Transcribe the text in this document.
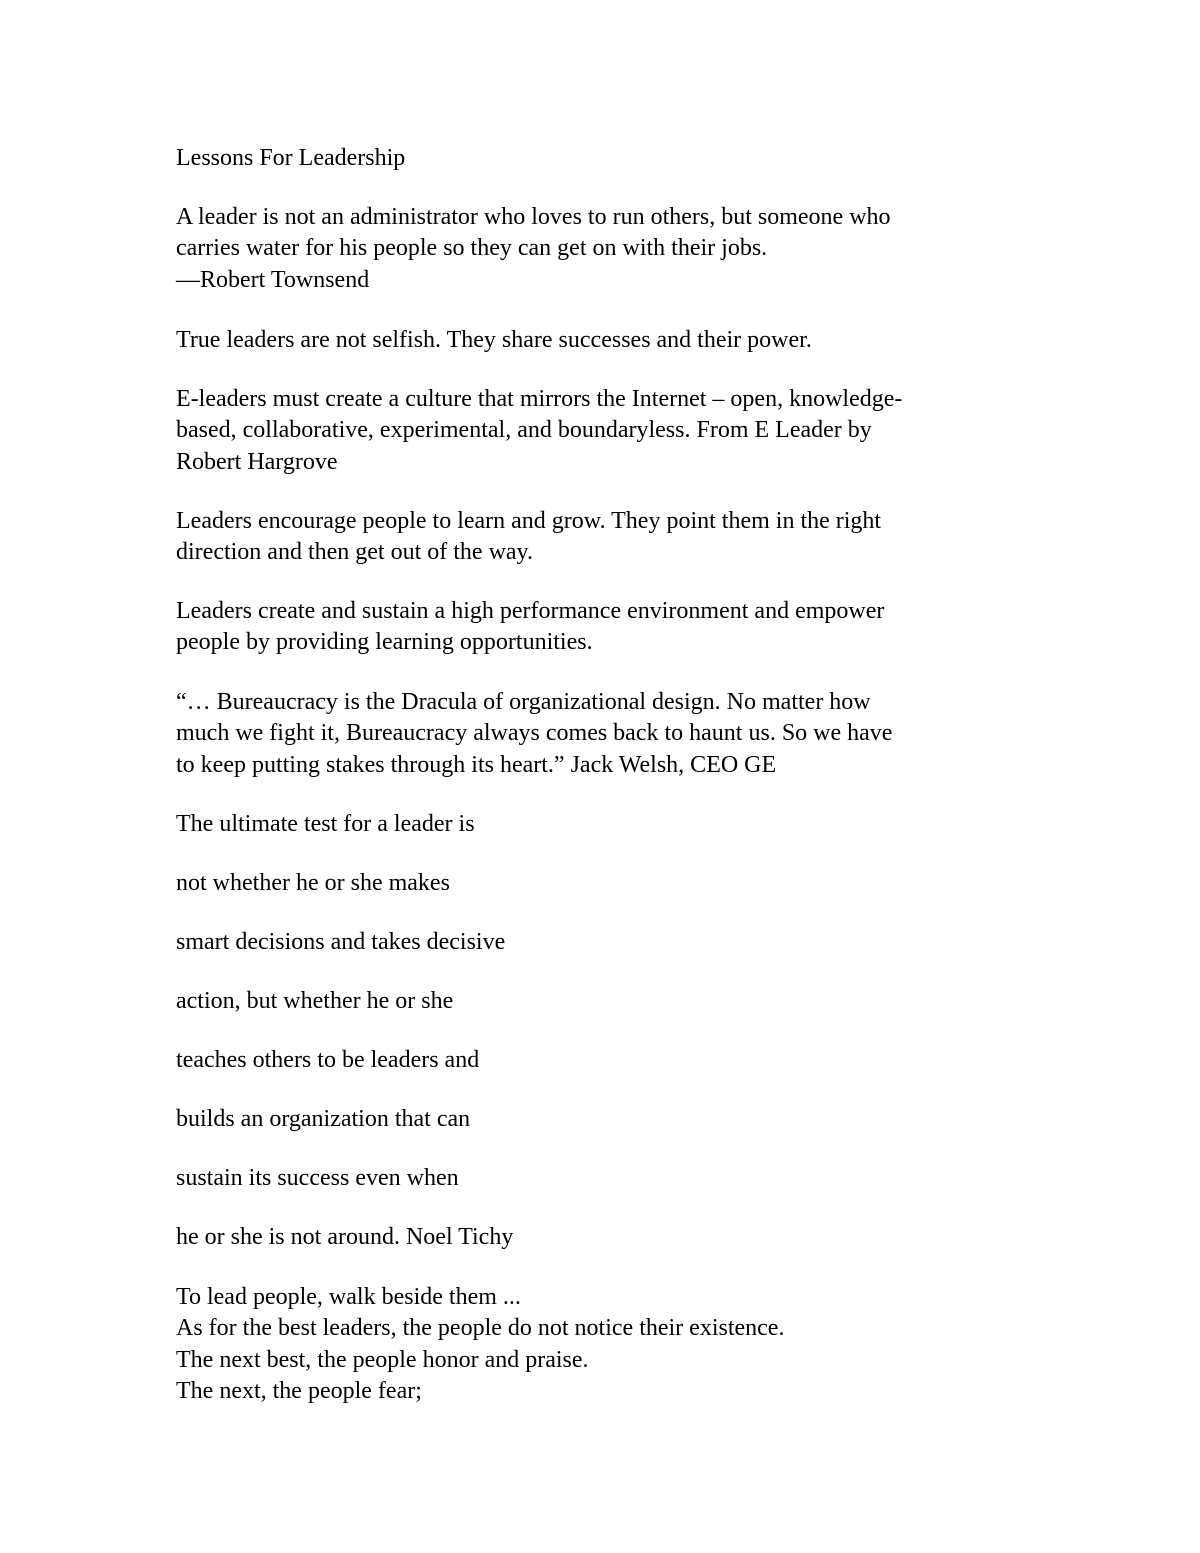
Lessons For Leadership

A leader is not an administrator who loves to run others, but someone who

carries water for his people so they can get on with their jobs.

—Robert Townsend

True leaders are not selfish. They share successes and their power.

E-leaders must create a culture that mirrors the Internet – open, knowledge-

based, collaborative, experimental, and boundaryless. From E Leader by

Robert Hargrove

Leaders encourage people to learn and grow. They point them in the right

direction and then get out of the way.

Leaders create and sustain a high performance environment and empower

people by providing learning opportunities.

“… Bureaucracy is the Dracula of organizational design. No matter how

much we fight it, Bureaucracy always comes back to haunt us. So we have

to keep putting stakes through its heart.” Jack Welsh, CEO GE

The ultimate test for a leader is

not whether he or she makes

smart decisions and takes decisive

action, but whether he or she

teaches others to be leaders and

builds an organization that can

sustain its success even when

he or she is not around. Noel Tichy

To lead people, walk beside them ...

As for the best leaders, the people do not notice their existence.

The next best, the people honor and praise.

The next, the people fear;
